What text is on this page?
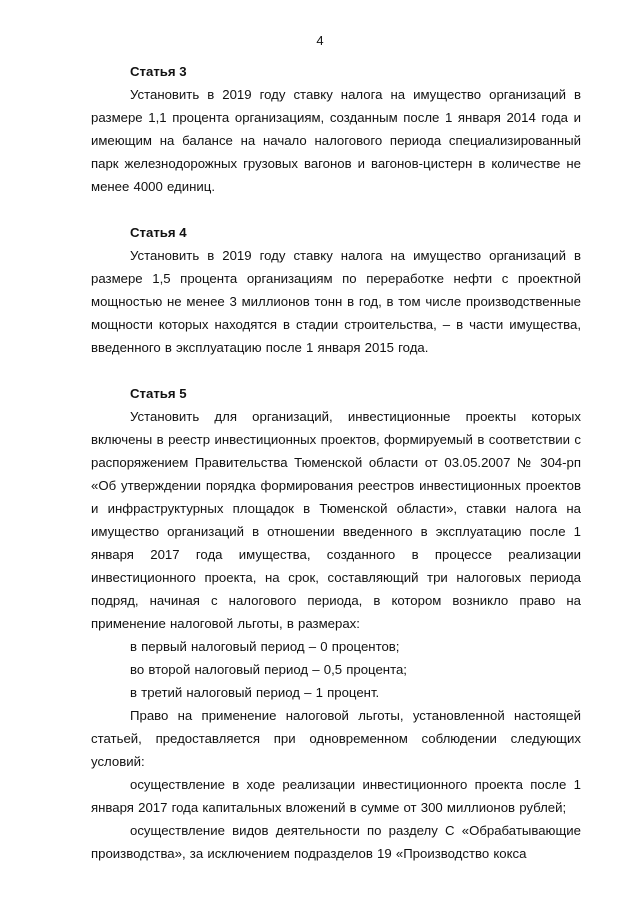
4

Статья 3

Установить в 2019 году ставку налога на имущество организаций в размере 1,1 процента организациям, созданным после 1 января 2014 года и имеющим на балансе на начало налогового периода специализированный парк железнодорожных грузовых вагонов и вагонов-цистерн в количестве не менее 4000 единиц.

Статья 4

Установить в 2019 году ставку налога на имущество организаций в размере 1,5 процента организациям по переработке нефти с проектной мощностью не менее 3 миллионов тонн в год, в том числе производственные мощности которых находятся в стадии строительства, – в части имущества, введенного в эксплуатацию после 1 января 2015 года.

Статья 5

Установить для организаций, инвестиционные проекты которых включены в реестр инвестиционных проектов, формируемый в соответствии с распоряжением Правительства Тюменской области от 03.05.2007 № 304-рп «Об утверждении порядка формирования реестров инвестиционных проектов и инфраструктурных площадок в Тюменской области», ставки налога на имущество организаций в отношении введенного в эксплуатацию после 1 января 2017 года имущества, созданного в процессе реализации инвестиционного проекта, на срок, составляющий три налоговых периода подряд, начиная с налогового периода, в котором возникло право на применение налоговой льготы, в размерах:

в первый налоговый период – 0 процентов;

во второй налоговый период – 0,5 процента;

в третий налоговый период – 1 процент.

Право на применение налоговой льготы, установленной настоящей статьей, предоставляется при одновременном соблюдении следующих условий:

осуществление в ходе реализации инвестиционного проекта после 1 января 2017 года капитальных вложений в сумме от 300 миллионов рублей;

осуществление видов деятельности по разделу C «Обрабатывающие производства», за исключением подразделов 19 «Производство кокса
